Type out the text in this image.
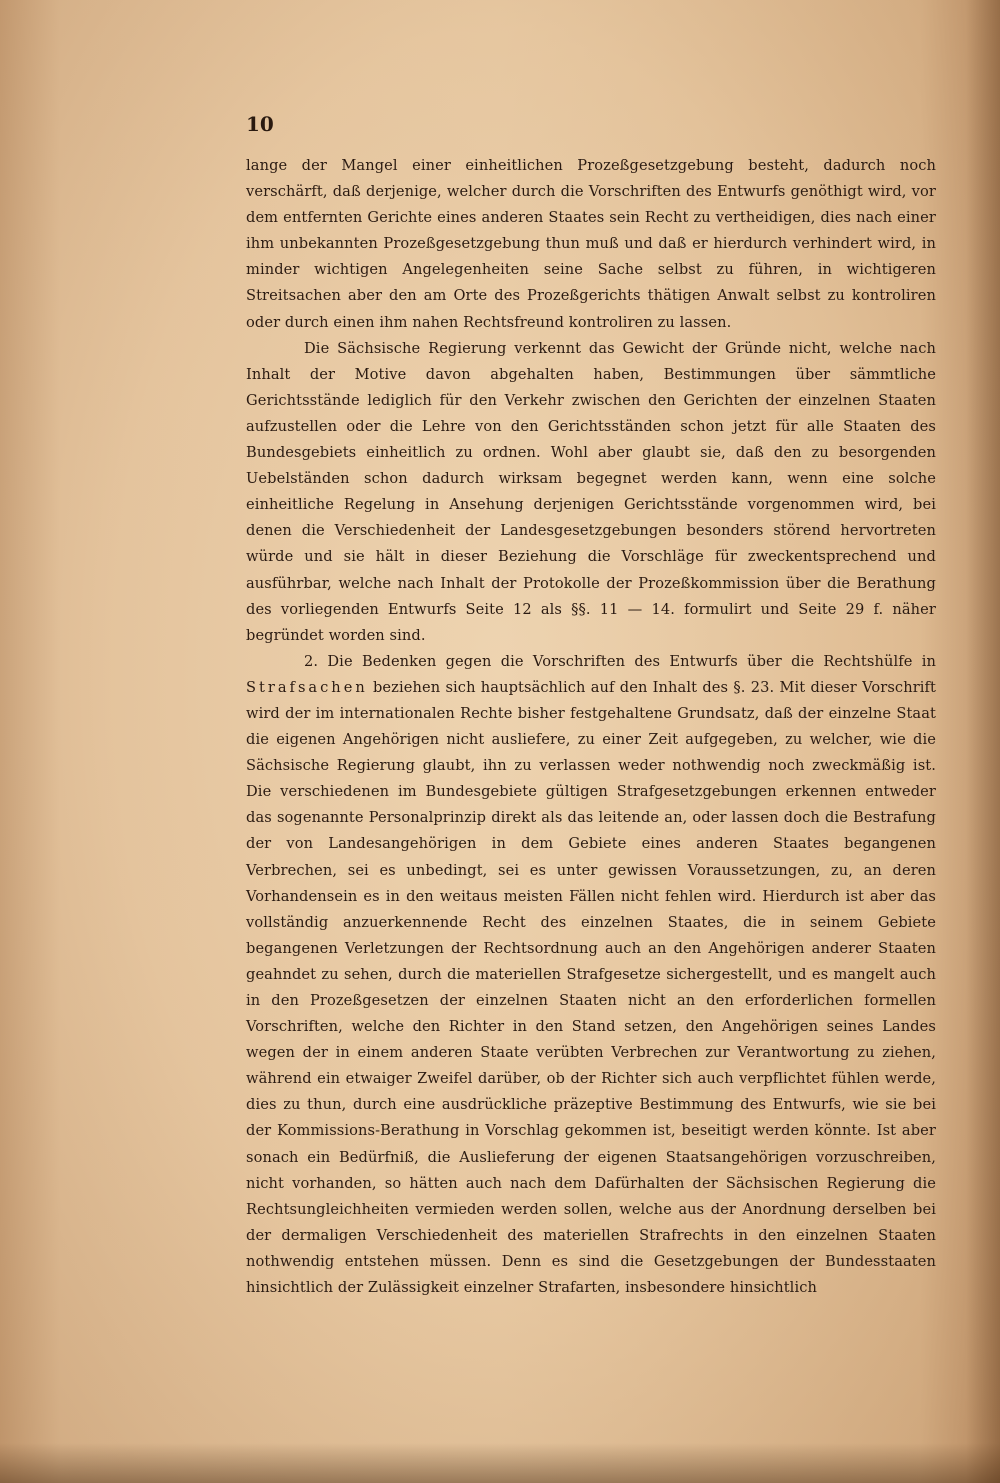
10

lange der Mangel einer einheitlichen Prozeßgesetzgebung besteht, dadurch noch verschärft, daß derjenige, welcher durch die Vorschriften des Entwurfs genöthigt wird, vor dem entfernten Gerichte eines anderen Staates sein Recht zu vertheidigen, dies nach einer ihm unbekannten Prozeßgesetzgebung thun muß und daß er hierdurch verhindert wird, in minder wichtigen Angelegenheiten seine Sache selbst zu führen, in wichtigeren Streitsachen aber den am Orte des Prozeßgerichts thätigen Anwalt selbst zu kontroliren oder durch einen ihm nahen Rechtsfreund kontroliren zu lassen.

Die Sächsische Regierung verkennt das Gewicht der Gründe nicht, welche nach Inhalt der Motive davon abgehalten haben, Bestimmungen über sämmtliche Gerichtsstände lediglich für den Verkehr zwischen den Gerichten der einzelnen Staaten aufzustellen oder die Lehre von den Gerichtsständen schon jetzt für alle Staaten des Bundesgebiets einheitlich zu ordnen. Wohl aber glaubt sie, daß den zu besorgenden Uebelständen schon dadurch wirksam begegnet werden kann, wenn eine solche einheitliche Regelung in Ansehung derjenigen Gerichtsstände vorgenommen wird, bei denen die Verschiedenheit der Landesgesetzgebungen besonders störend hervortreten würde und sie hält in dieser Beziehung die Vorschläge für zweckentsprechend und ausführbar, welche nach Inhalt der Protokolle der Prozeßkommission über die Berathung des vorliegenden Entwurfs Seite 12 als §§. 11 — 14. formulirt und Seite 29 f. näher begründet worden sind.

2. Die Bedenken gegen die Vorschriften des Entwurfs über die Rechtshülfe in Strafsachen beziehen sich hauptsächlich auf den Inhalt des §. 23. Mit dieser Vorschrift wird der im internationalen Rechte bisher festgehaltene Grundsatz, daß der einzelne Staat die eigenen Angehörigen nicht ausliefere, zu einer Zeit aufgegeben, zu welcher, wie die Sächsische Regierung glaubt, ihn zu verlassen weder nothwendig noch zweckmäßig ist. Die verschiedenen im Bundesgebiete gültigen Strafgesetzgebungen erkennen entweder das sogenannte Personalprinzip direkt als das leitende an, oder lassen doch die Bestrafung der von Landesangehörigen in dem Gebiete eines anderen Staates begangenen Verbrechen, sei es unbedingt, sei es unter gewissen Voraussetzungen, zu, an deren Vorhandensein es in den weitaus meisten Fällen nicht fehlen wird. Hierdurch ist aber das vollständig anzuerkennende Recht des einzelnen Staates, die in seinem Gebiete begangenen Verletzungen der Rechtsordnung auch an den Angehörigen anderer Staaten geahndet zu sehen, durch die materiellen Strafgesetze sichergestellt, und es mangelt auch in den Prozeßgesetzen der einzelnen Staaten nicht an den erforderlichen formellen Vorschriften, welche den Richter in den Stand setzen, den Angehörigen seines Landes wegen der in einem anderen Staate verübten Verbrechen zur Verantwortung zu ziehen, während ein etwaiger Zweifel darüber, ob der Richter sich auch verpflichtet fühlen werde, dies zu thun, durch eine ausdrückliche präzeptive Bestimmung des Entwurfs, wie sie bei der Kommissions-Berathung in Vorschlag gekommen ist, beseitigt werden könnte. Ist aber sonach ein Bedürfniß, die Auslieferung der eigenen Staatsangehörigen vorzuschreiben, nicht vorhanden, so hätten auch nach dem Dafürhalten der Sächsischen Regierung die Rechtsungleichheiten vermieden werden sollen, welche aus der Anordnung derselben bei der dermaligen Verschiedenheit des materiellen Strafrechts in den einzelnen Staaten nothwendig entstehen müssen. Denn es sind die Gesetzgebungen der Bundesstaaten hinsichtlich der Zulässigkeit einzelner Strafarten, insbesondere hinsichtlich
